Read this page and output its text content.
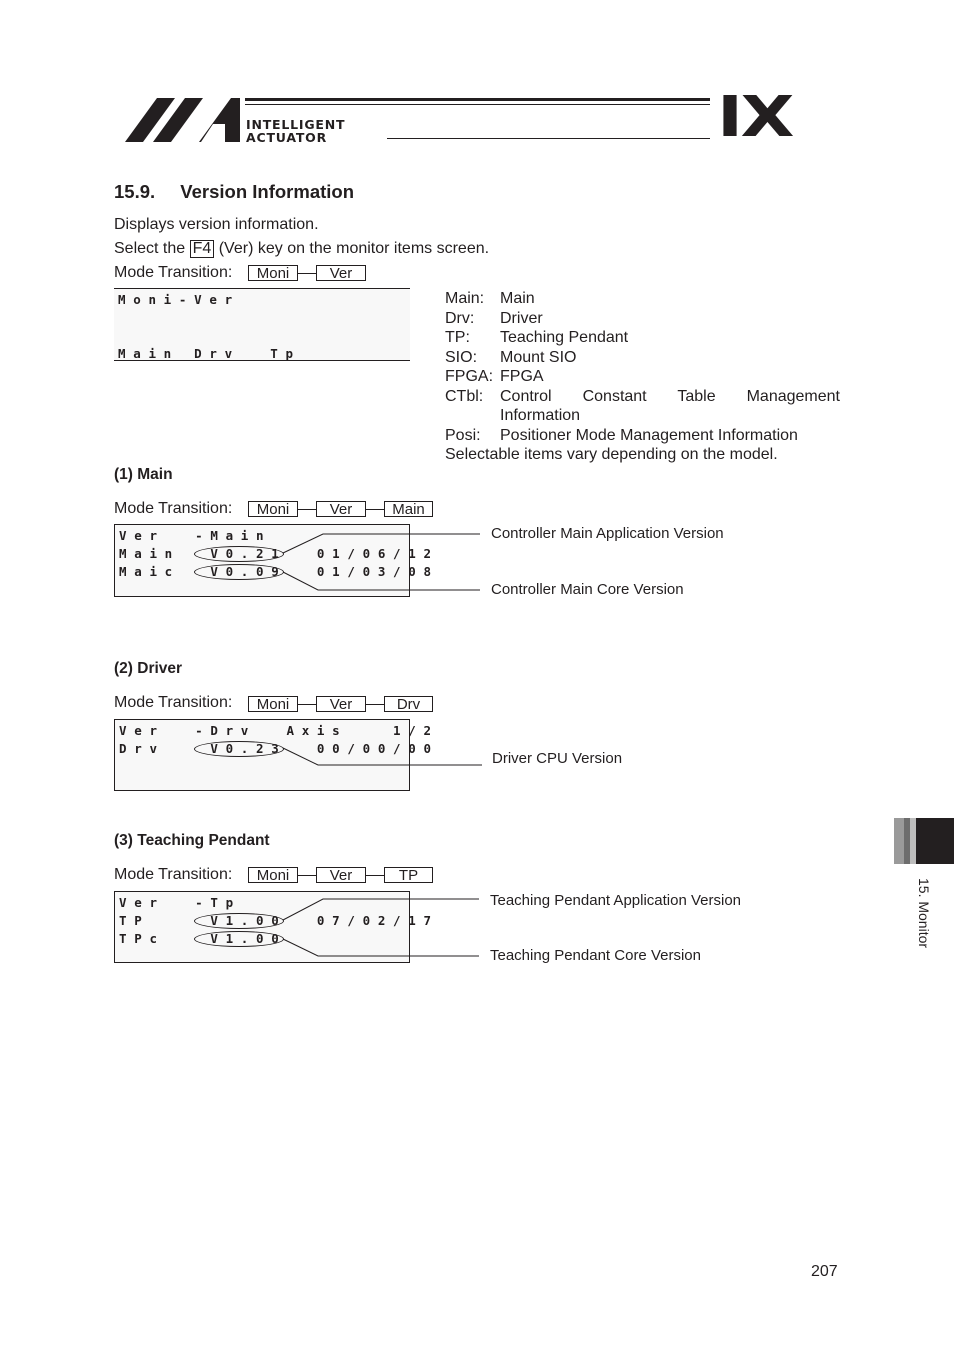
INTELLIGENT
ACTUATOR	IX
15.9. Version Information
Displays version information.
Select the F4 (Ver) key on the monitor items screen.
Mode Transition:	Moni	Ver
Moni-Ver
Main Drv  Tp
Main:	Main
Drv:	Driver
TP:	Teaching Pendant
SIO:	Mount SIO
FPGA:	FPGA
CTbl:	Control Constant Table Management Information
Posi:	Positioner Mode Management Information
Selectable items vary depending on the model.	
(1) Main
Mode Transition:	Moni	Ver	Main
Ver  -Main
Main  V0.21  01/06/12
Maic  V0.09  01/03/08
Controller Main Application Version
Controller Main Core Version
(2) Driver
Mode Transition:	Moni	Ver	Drv
Ver  -Drv  Axis   1/2
Drv   V0.23  00/00/00
Driver CPU Version
(3) Teaching Pendant
Mode Transition:	Moni	Ver	TP
Ver  -Tp
TP    V1.00  07/02/17
TPc   V1.00
Teaching Pendant Application Version
Teaching Pendant Core Version
15. Monitor
207
